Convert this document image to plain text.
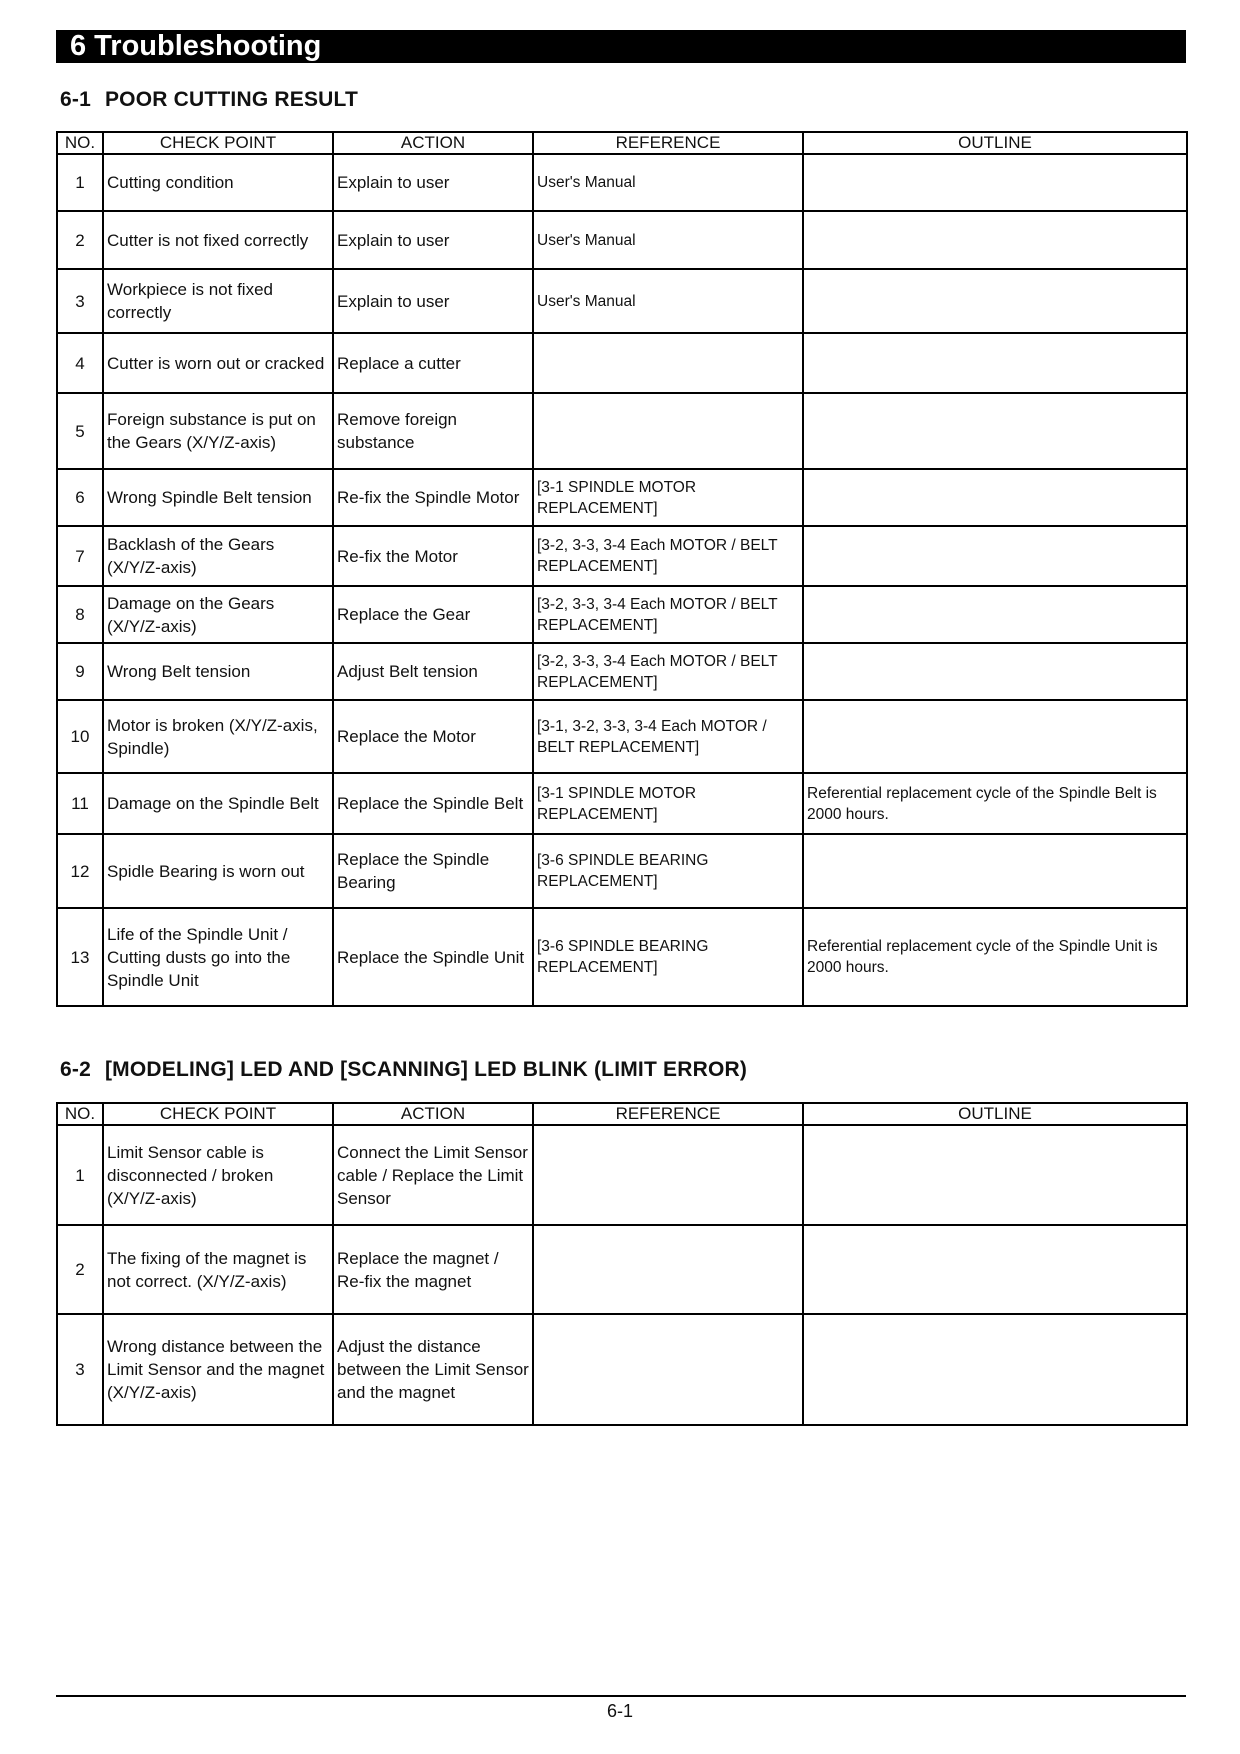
6 Troubleshooting
6-1 POOR CUTTING RESULT
NO.	CHECK POINT	ACTION	REFERENCE	OUTLINE
1	Cutting condition	Explain to user	User's Manual	
2	Cutter is not fixed correctly	Explain to user	User's Manual	
3	Workpiece is not fixed correctly	Explain to user	User's Manual	
4	Cutter is worn out or cracked	Replace a cutter		
5	Foreign substance is put on the Gears (X/Y/Z-axis)	Remove foreign substance		
6	Wrong Spindle Belt tension	Re-fix the Spindle Motor	[3-1 SPINDLE MOTOR REPLACEMENT]	
7	Backlash of the Gears (X/Y/Z-axis)	Re-fix the Motor	[3-2, 3-3, 3-4 Each MOTOR / BELT REPLACEMENT]	
8	Damage on the Gears (X/Y/Z-axis)	Replace the Gear	[3-2, 3-3, 3-4 Each MOTOR / BELT REPLACEMENT]	
9	Wrong Belt tension	Adjust Belt tension	[3-2, 3-3, 3-4 Each MOTOR / BELT REPLACEMENT]	
10	Motor is broken (X/Y/Z-axis, Spindle)	Replace the Motor	[3-1, 3-2, 3-3, 3-4 Each MOTOR / BELT REPLACEMENT]	
11	Damage on the Spindle Belt	Replace the Spindle Belt	[3-1 SPINDLE MOTOR REPLACEMENT]	Referential replacement cycle of the Spindle Belt is 2000 hours.
12	Spidle Bearing is worn out	Replace the Spindle Bearing	[3-6 SPINDLE BEARING REPLACEMENT]	
13	Life of the Spindle Unit / Cutting dusts go into the Spindle Unit	Replace the Spindle Unit	[3-6 SPINDLE BEARING REPLACEMENT]	Referential replacement cycle of the Spindle Unit is 2000 hours.
6-2 [MODELING] LED AND [SCANNING] LED BLINK (LIMIT ERROR)
NO.	CHECK POINT	ACTION	REFERENCE	OUTLINE
1	Limit Sensor cable is disconnected / broken (X/Y/Z-axis)	Connect the Limit Sensor cable / Replace the Limit Sensor		
2	The fixing of the magnet is not correct. (X/Y/Z-axis)	Replace the magnet / Re-fix the magnet		
3	Wrong distance between the Limit Sensor and the magnet (X/Y/Z-axis)	Adjust the distance between the Limit Sensor and the magnet		
6-1
